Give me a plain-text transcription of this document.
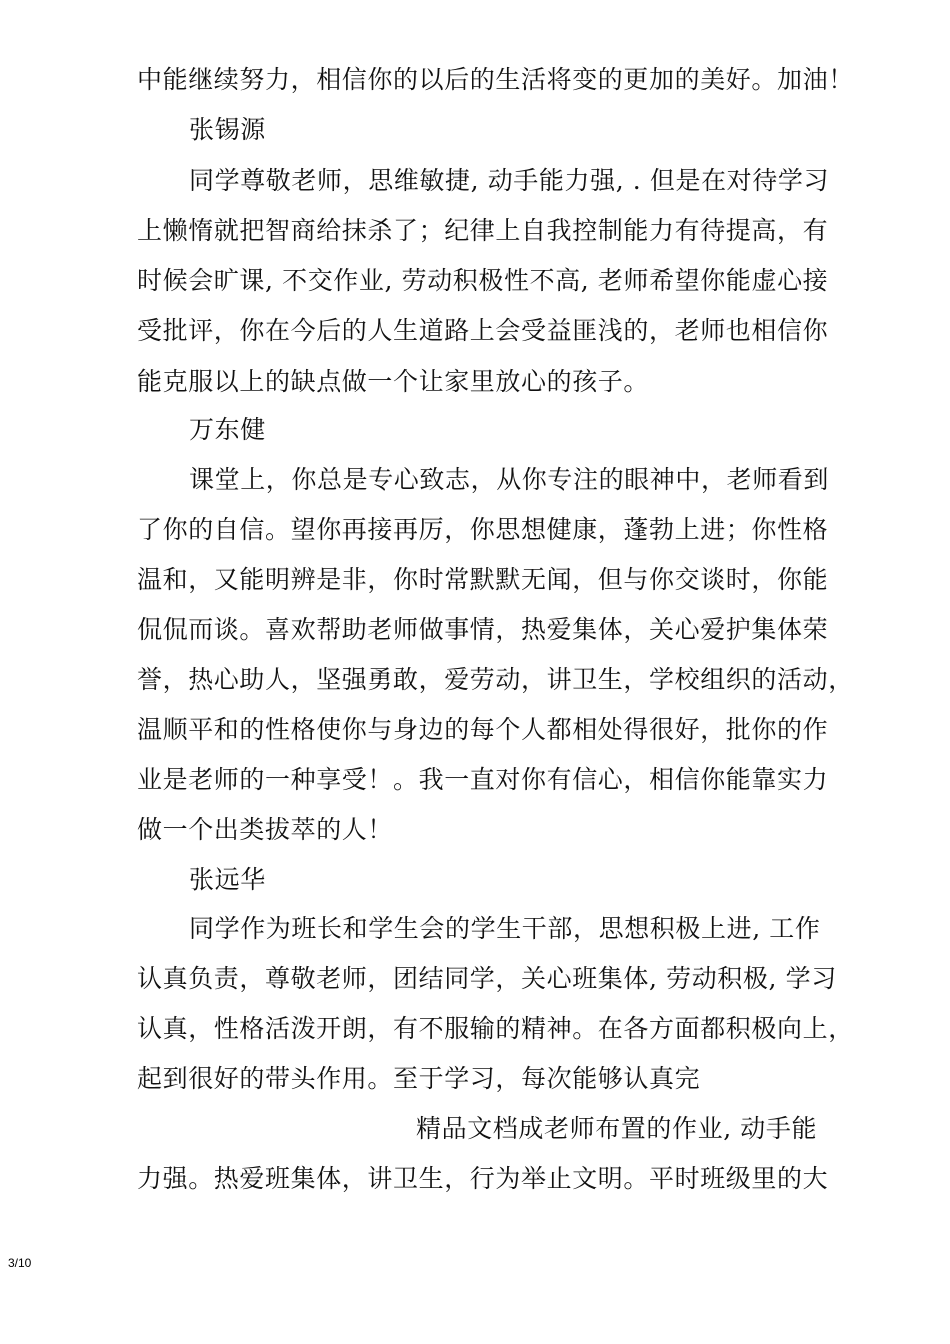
中能继续努力，相信你的以后的生活将变的更加的美好。加油！
张锡源
同学尊敬老师，思维敏捷, 动手能力强, . 但是在对待学习
上懒惰就把智商给抹杀了；纪律上自我控制能力有待提高，有
时候会旷课, 不交作业, 劳动积极性不高, 老师希望你能虚心接
受批评，你在今后的人生道路上会受益匪浅的，老师也相信你
能克服以上的缺点做一个让家里放心的孩子。
万东健
课堂上，你总是专心致志，从你专注的眼神中，老师看到
了你的自信。望你再接再厉，你思想健康，蓬勃上进；你性格
温和，又能明辨是非，你时常默默无闻，但与你交谈时，你能
侃侃而谈。喜欢帮助老师做事情，热爱集体，关心爱护集体荣
誉，热心助人，坚强勇敢，爱劳动，讲卫生，学校组织的活动，
温顺平和的性格使你与身边的每个人都相处得很好，批你的作
业是老师的一种享受！。我一直对你有信心，相信你能靠实力
做一个出类拔萃的人！
张远华
同学作为班长和学生会的学生干部，思想积极上进, 工作
认真负责，尊敬老师，团结同学，关心班集体, 劳动积极, 学习
认真，性格活泼开朗，有不服输的精神。在各方面都积极向上，
起到很好的带头作用。至于学习，每次能够认真完
精品文档成老师布置的作业, 动手能
力强。热爱班集体，讲卫生，行为举止文明。平时班级里的大
3/10
